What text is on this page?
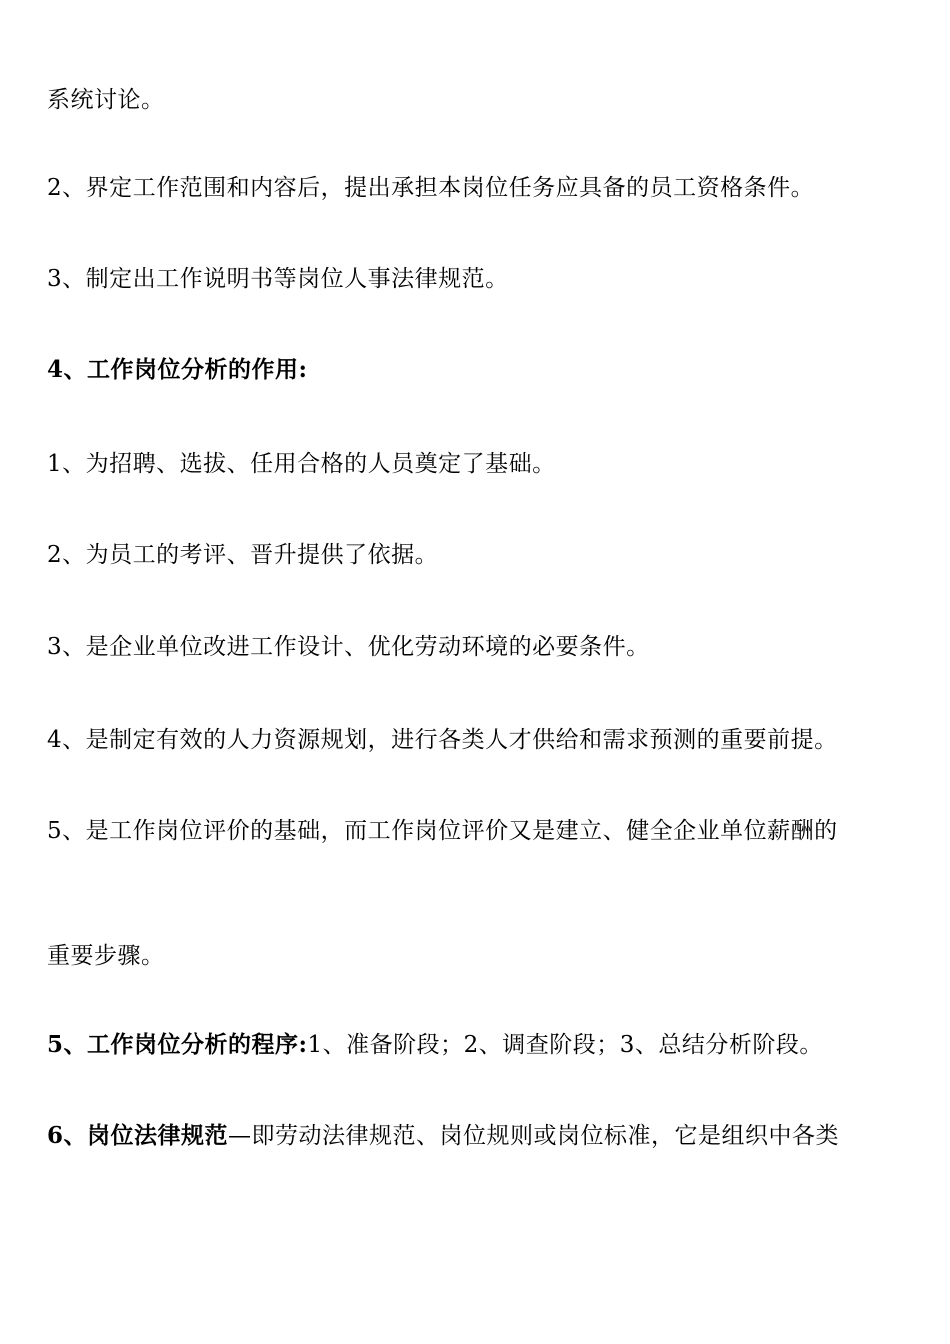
系统讨论。
2、界定工作范围和内容后，提出承担本岗位任务应具备的员工资格条件。
3、制定出工作说明书等岗位人事法律规范。
4、工作岗位分析的作用:
1、为招聘、选拔、任用合格的人员奠定了基础。
2、为员工的考评、晋升提供了依据。
3、是企业单位改进工作设计、优化劳动环境的必要条件。
4、是制定有效的人力资源规划，进行各类人才供给和需求预测的重要前提。
5、是工作岗位评价的基础，而工作岗位评价又是建立、健全企业单位薪酬的
重要步骤。
5、工作岗位分析的程序:1、准备阶段；2、调查阶段；3、总结分析阶段。
6、岗位法律规范—即劳动法律规范、岗位规则或岗位标准，它是组织中各类
